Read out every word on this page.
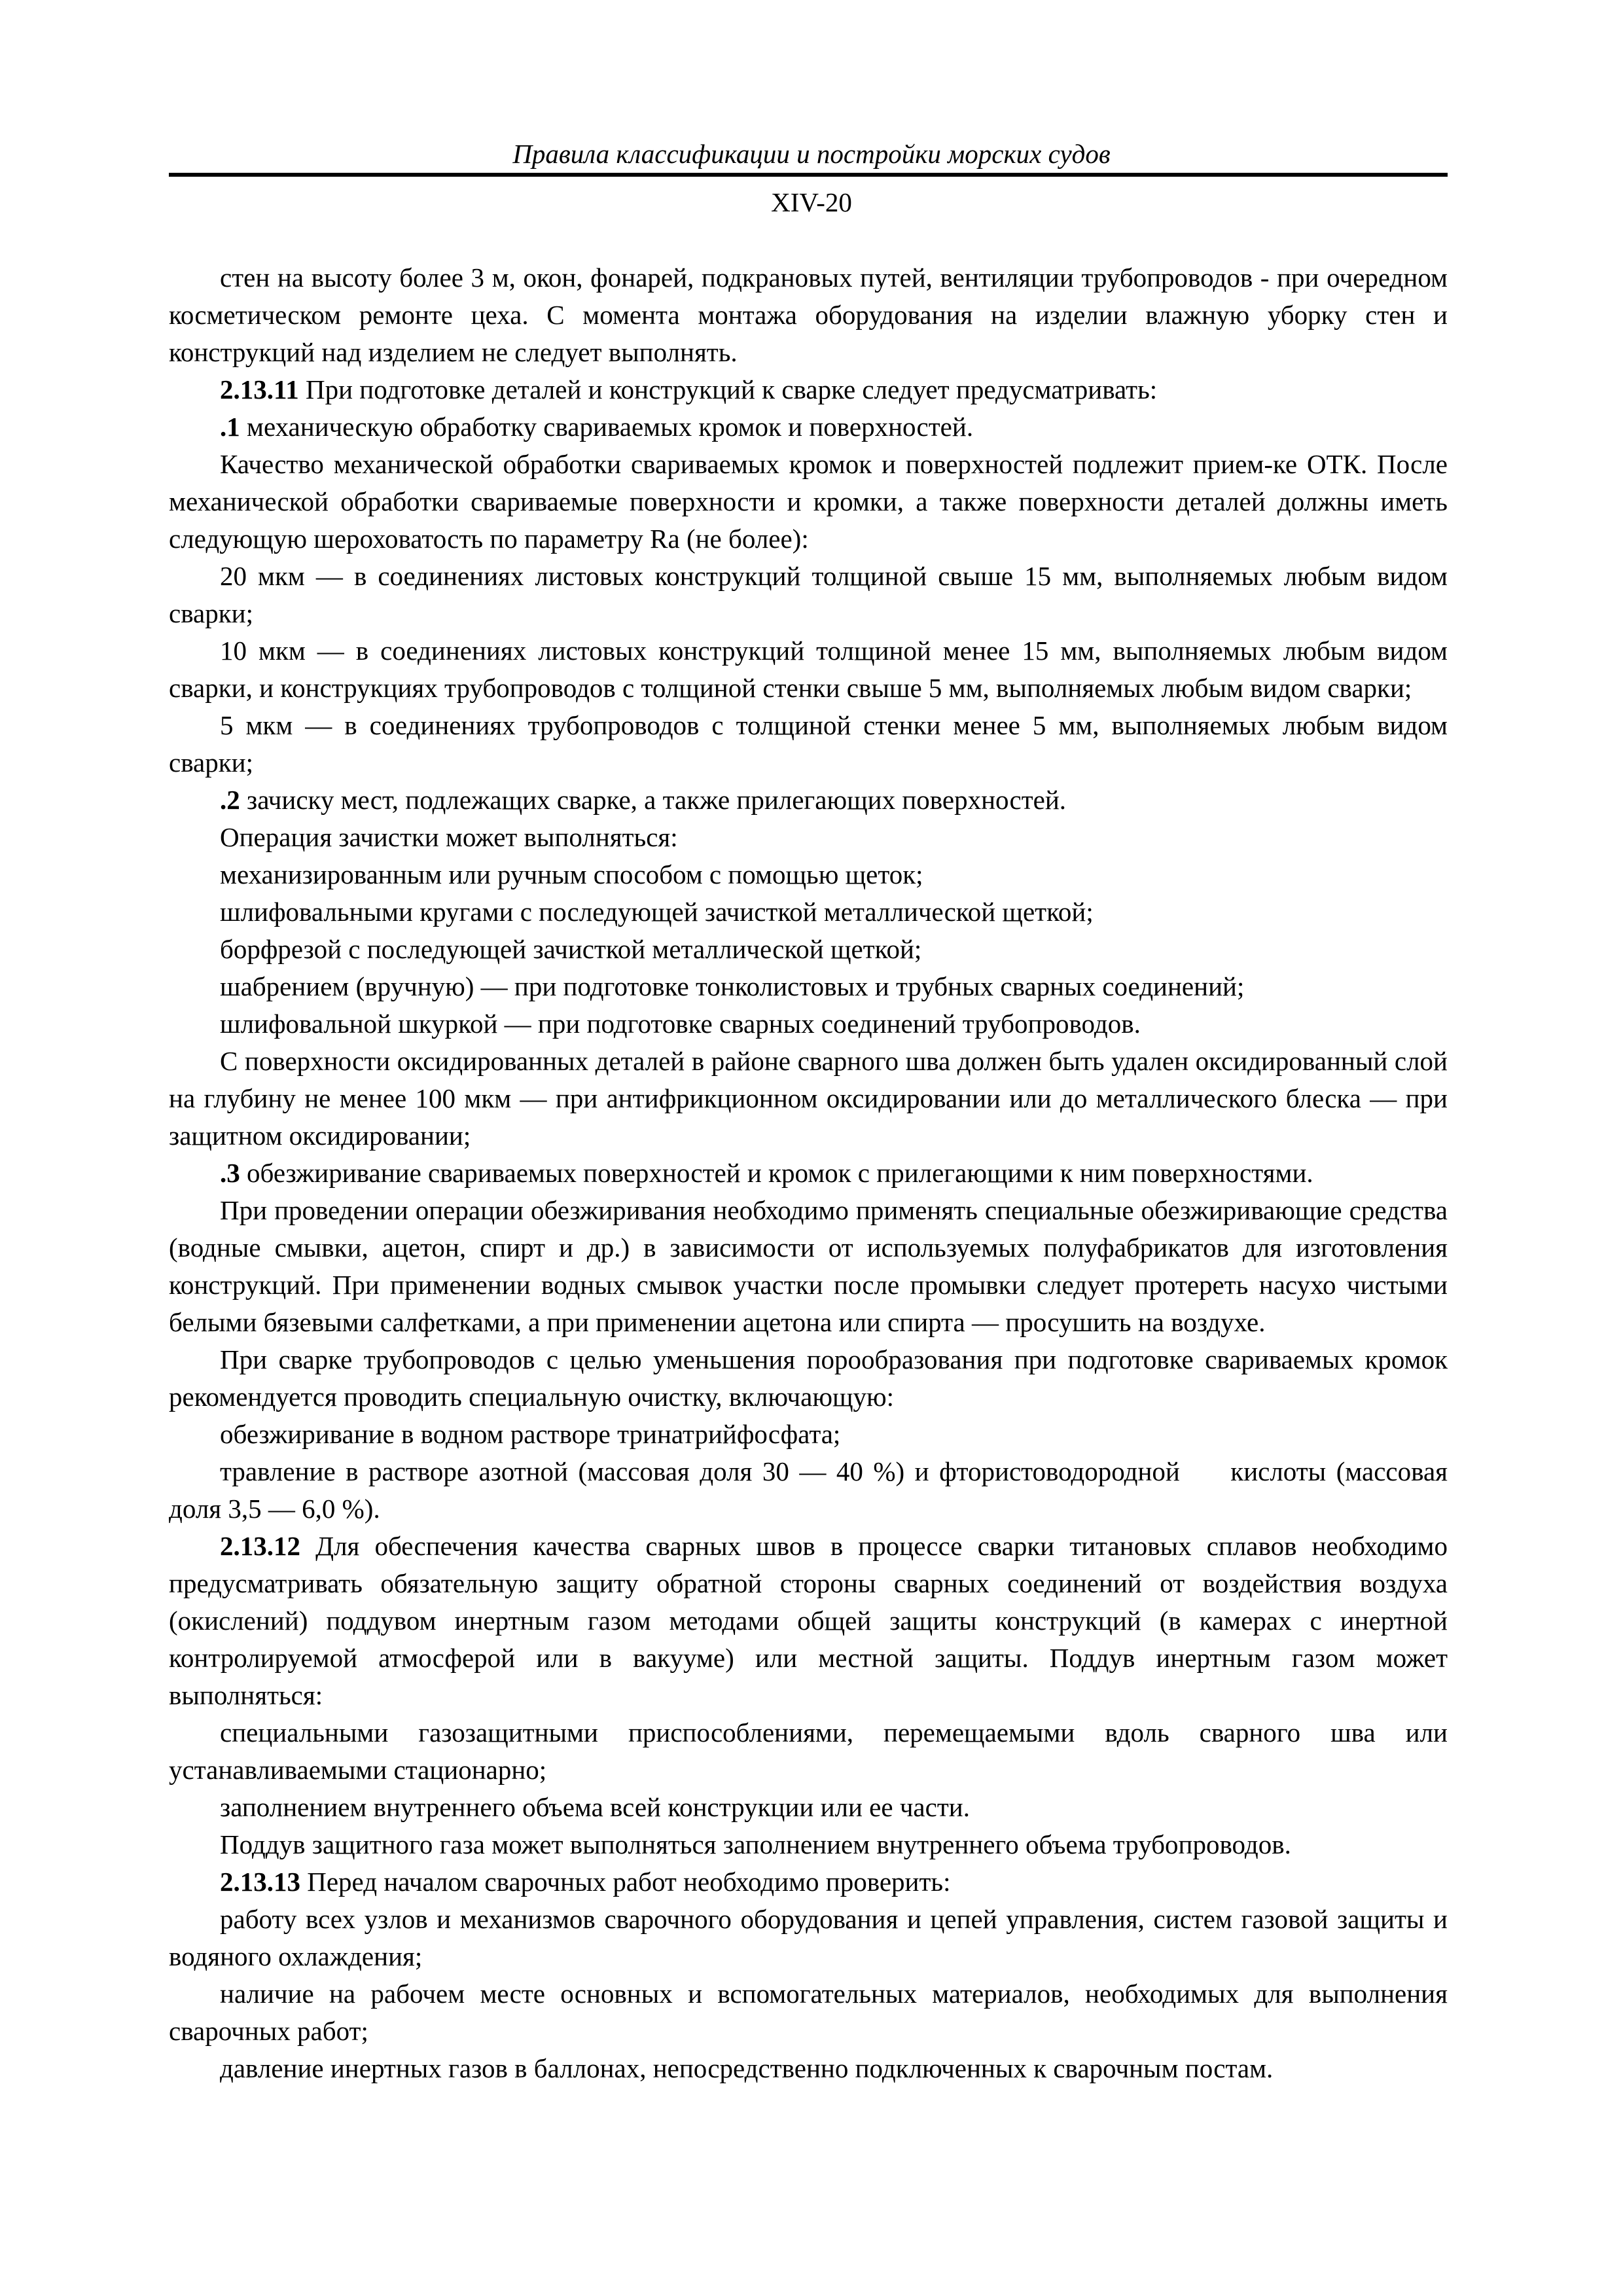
Правила классификации и постройки морских судов
XIV-20

стен на высоту более 3 м, окон, фонарей, подкрановых путей, вентиляции трубопроводов - при очередном косметическом ремонте цеха. С момента монтажа оборудования на изделии влажную уборку стен и конструкций над изделием не следует выполнять.

2.13.11 При подготовке деталей и конструкций к сварке следует предусматривать:

.1 механическую обработку свариваемых кромок и поверхностей.

Качество механической обработки свариваемых кромок и поверхностей подлежит прием-ке ОТК. После механической обработки свариваемые поверхности и кромки, а также поверхности деталей должны иметь следующую шероховатость по параметру Ra (не более):

20 мкм — в соединениях листовых конструкций толщиной свыше 15 мм, выполняемых любым видом сварки;

10 мкм — в соединениях листовых конструкций толщиной менее 15 мм, выполняемых любым видом сварки, и конструкциях трубопроводов с толщиной стенки свыше 5 мм, выполняемых любым видом сварки;

5 мкм — в соединениях трубопроводов с толщиной стенки менее 5 мм, выполняемых любым видом сварки;

.2 зачиску мест, подлежащих сварке, а также прилегающих поверхностей.

Операция зачистки может выполняться:

механизированным или ручным способом с помощью щеток;

шлифовальными кругами с последующей зачисткой металлической щеткой;

борфрезой с последующей зачисткой металлической щеткой;

шабрением (вручную) — при подготовке тонколистовых и трубных сварных соединений;

шлифовальной шкуркой — при подготовке сварных соединений трубопроводов.

С поверхности оксидированных деталей в районе сварного шва должен быть удален оксидированный слой на глубину не менее 100 мкм — при антифрикционном оксидировании или до металлического блеска — при защитном оксидировании;

.3 обезжиривание свариваемых поверхностей и кромок с прилегающими к ним поверхностями.

При проведении операции обезжиривания необходимо применять специальные обезжиривающие средства (водные смывки, ацетон, спирт и др.) в зависимости от используемых полуфабрикатов для изготовления конструкций. При применении водных смывок участки после промывки следует протереть насухо чистыми белыми бязевыми салфетками, а при применении ацетона или спирта — просушить на воздухе.

При сварке трубопроводов с целью уменьшения порообразования при подготовке свариваемых кромок рекомендуется проводить специальную очистку, включающую:

обезжиривание в водном растворе тринатрийфосфата;

травление в растворе азотной (массовая доля 30 — 40 %) и фтористоводородной     кислоты (массовая доля 3,5 — 6,0 %).

2.13.12 Для обеспечения качества сварных швов в процессе сварки титановых сплавов необходимо предусматривать обязательную защиту обратной стороны сварных соединений от воздействия воздуха (окислений) поддувом инертным газом методами общей защиты конструкций (в камерах с инертной контролируемой атмосферой или в вакууме) или местной защиты. Поддув инертным газом может выполняться:

специальными газозащитными приспособлениями, перемещаемыми вдоль сварного шва или устанавливаемыми стационарно;

заполнением внутреннего объема всей конструкции или ее части.

Поддув защитного газа может выполняться заполнением внутреннего объема трубопроводов.

2.13.13 Перед началом сварочных работ необходимо проверить:

работу всех узлов и механизмов сварочного оборудования и цепей управления, систем газовой защиты и водяного охлаждения;

наличие на рабочем месте основных и вспомогательных материалов, необходимых для выполнения сварочных работ;

давление инертных газов в баллонах, непосредственно подключенных к сварочным постам.
